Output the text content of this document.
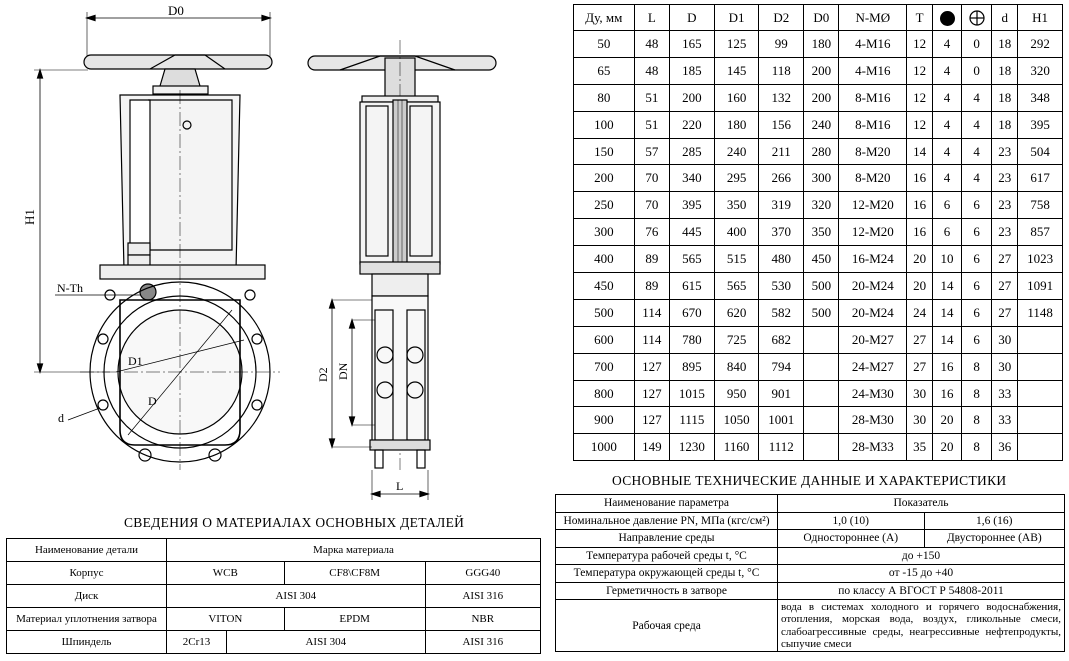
D0
H1
N-Th
D1
D
d
D2 DN
L
Ду, мм	L	D	D1	D2	D0	N-MØ	T			d	H1
50	48	165	125	99	180	4-M16	12	4	0	18	292
65	48	185	145	118	200	4-M16	12	4	0	18	320
80	51	200	160	132	200	8-M16	12	4	4	18	348
100	51	220	180	156	240	8-M16	12	4	4	18	395
150	57	285	240	211	280	8-M20	14	4	4	23	504
200	70	340	295	266	300	8-M20	16	4	4	23	617
250	70	395	350	319	320	12-M20	16	6	6	23	758
300	76	445	400	370	350	12-M20	16	6	6	23	857
400	89	565	515	480	450	16-M24	20	10	6	27	1023
450	89	615	565	530	500	20-M24	20	14	6	27	1091
500	114	670	620	582	500	20-M24	24	14	6	27	1148
600	114	780	725	682		20-M27	27	14	6	30	
700	127	895	840	794		24-M27	27	16	8	30	
800	127	1015	950	901		24-M30	30	16	8	33	
900	127	1115	1050	1001		28-M30	30	20	8	33	
1000	149	1230	1160	1112		28-M33	35	20	8	36	
ОСНОВНЫЕ ТЕХНИЧЕСКИЕ ДАННЫЕ И ХАРАКТЕРИСТИКИ
Наименование параметра	Показатель	
Номинальное давление PN, МПа (кгс/см²)	1,0 (10)	1,6 (16)
Направление среды	Одностороннее (А)	Двустороннее (АВ)
Температура рабочей среды t, °C	до +150	
Температура окружающей среды t, °C	от -15 до +40	
Герметичность в затворе	по классу А ВГОСТ Р 54808-2011	
Рабочая среда	вода в системах холодного и горячего водоснабжения, отопления, морская вода, воздух, гликольные смеси, слабоагрессивные среды, неагрессивные нефтепродукты, сыпучие смеси	
СВЕДЕНИЯ О МАТЕРИАЛАХ ОСНОВНЫХ ДЕТАЛЕЙ
Наименование детали	Марка материала			
Корпус	WCB		CF8\CF8M	GGG40
Диск	AISI 304			AISI 316
Материал уплотнения затвора	VITON		EPDM	NBR
Шпиндель	2Cr13	AISI 304		AISI 316
